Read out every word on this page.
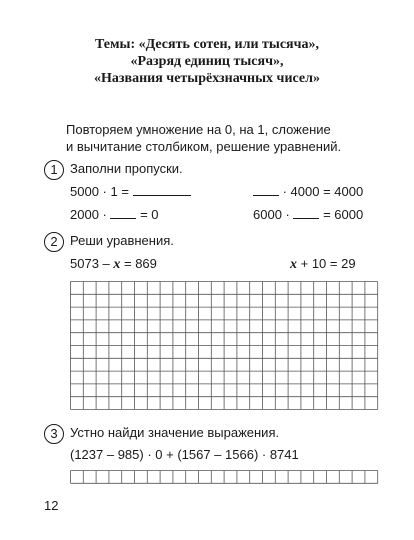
Темы: «Десять сотен, или тысяча»,
«Разряд единиц тысяч»,
«Названия четырёхзначных чисел»
Повторяем умножение на 0, на 1, сложение
и вычитание столбиком, решение уравнений.
1 Заполни пропуски.
5000 · 1 =	· 4000 = 4000
2000 ·  = 0	6000 ·  = 6000
2 Реши уравнения.
5073 – x = 869	x + 10 = 29
3 Устно найди значение выражения.
(1237 – 985) · 0 + (1567 – 1566) · 8741
12
